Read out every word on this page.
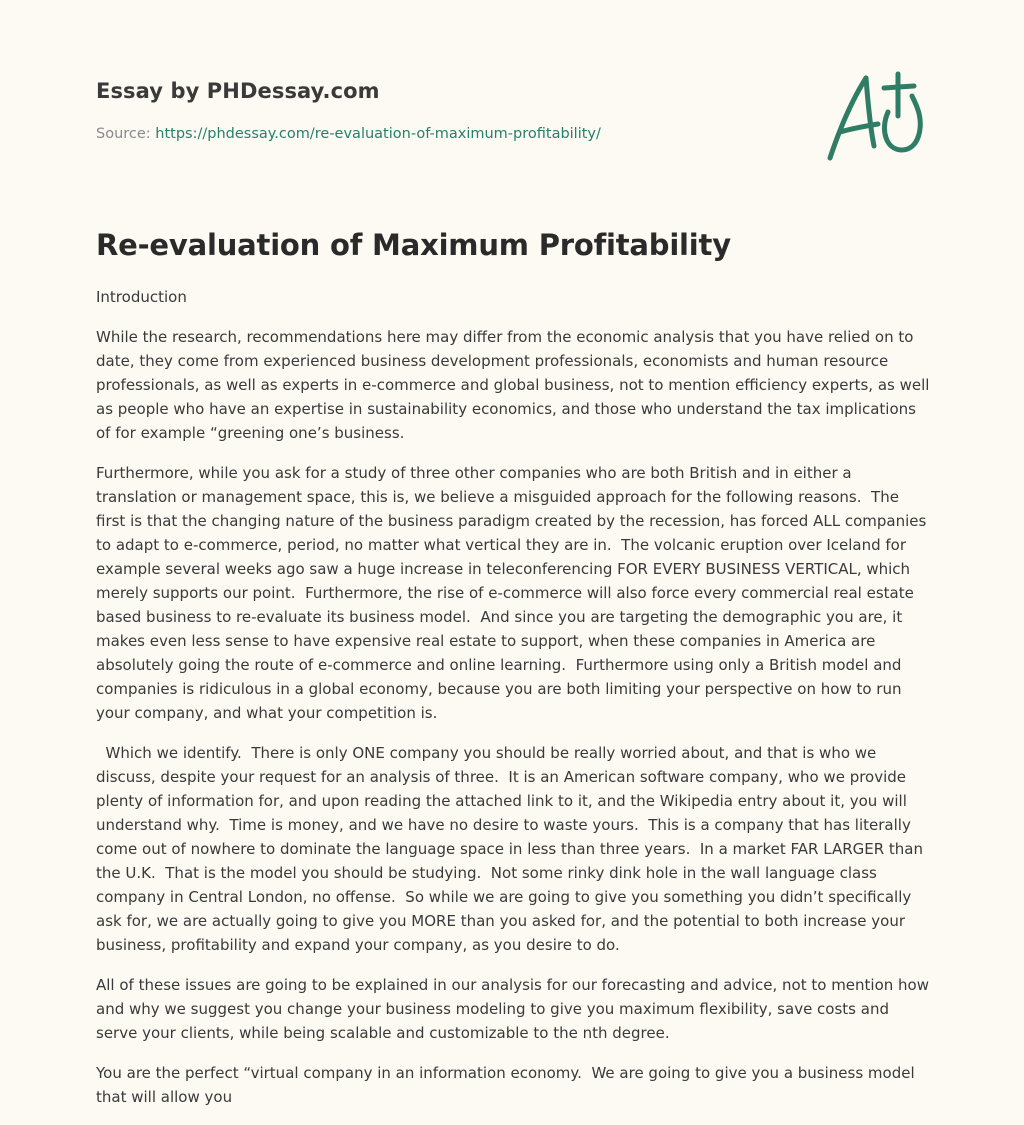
Essay by PHDessay.com

Source: https://phdessay.com/re-evaluation-of-maximum-profitability/
Re-evaluation of Maximum Profitability

Introduction

While the research, recommendations here may differ from the economic analysis that you have relied on to date, they come from experienced business development professionals, economists and human resource professionals, as well as experts in e-commerce and global business, not to mention efficiency experts, as well as people who have an expertise in sustainability economics, and those who understand the tax implications of for example “greening one’s business.

Furthermore, while you ask for a study of three other companies who are both British and in either a translation or management space, this is, we believe a misguided approach for the following reasons.  The first is that the changing nature of the business paradigm created by the recession, has forced ALL companies to adapt to e-commerce, period, no matter what vertical they are in.  The volcanic eruption over Iceland for example several weeks ago saw a huge increase in teleconferencing FOR EVERY BUSINESS VERTICAL, which merely supports our point.  Furthermore, the rise of e-commerce will also force every commercial real estate based business to re-evaluate its business model.  And since you are targeting the demographic you are, it makes even less sense to have expensive real estate to support, when these companies in America are absolutely going the route of e-commerce and online learning.  Furthermore using only a British model and companies is ridiculous in a global economy, because you are both limiting your perspective on how to run your company, and what your competition is.

Which we identify.  There is only ONE company you should be really worried about, and that is who we discuss, despite your request for an analysis of three.  It is an American software company, who we provide plenty of information for, and upon reading the attached link to it, and the Wikipedia entry about it, you will understand why.  Time is money, and we have no desire to waste yours.  This is a company that has literally come out of nowhere to dominate the language space in less than three years.  In a market FAR LARGER than the U.K.  That is the model you should be studying.  Not some rinky dink hole in the wall language class company in Central London, no offense.  So while we are going to give you something you didn’t specifically ask for, we are actually going to give you MORE than you asked for, and the potential to both increase your business, profitability and expand your company, as you desire to do.

All of these issues are going to be explained in our analysis for our forecasting and advice, not to mention how and why we suggest you change your business modeling to give you maximum flexibility, save costs and serve your clients, while being scalable and customizable to the nth degree.

You are the perfect “virtual company in an information economy.  We are going to give you a business model that will allow you
